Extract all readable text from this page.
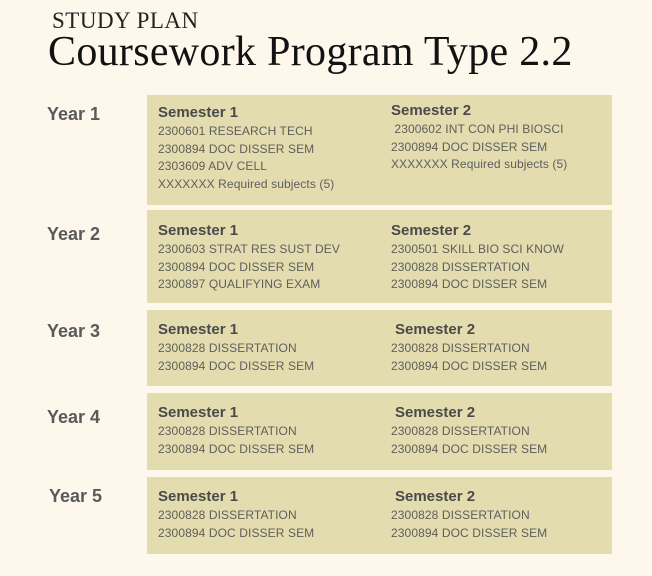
STUDY PLAN
Coursework Program Type 2.2
Year 1	Semester 1
2300601 RESEARCH TECH
2300894 DOC DISSER SEM
2303609 ADV CELL
XXXXXXX Required subjects (5)
Semester 2
2300602 INT CON PHI BIOSCI
2300894 DOC DISSER SEM
XXXXXXX Required subjects (5)
Year 2	Semester 1
2300603 STRAT RES SUST DEV
2300894 DOC DISSER SEM
2300897 QUALIFYING EXAM
Semester 2
2300501 SKILL BIO SCI KNOW
2300828 DISSERTATION
2300894 DOC DISSER SEM
Year 3	Semester 1
2300828 DISSERTATION
2300894 DOC DISSER SEM
Semester 2
2300828 DISSERTATION
2300894 DOC DISSER SEM
Year 4	Semester 1
2300828 DISSERTATION
2300894 DOC DISSER SEM
Semester 2
2300828 DISSERTATION
2300894 DOC DISSER SEM
Year 5	Semester 1
2300828 DISSERTATION
2300894 DOC DISSER SEM
Semester 2
2300828 DISSERTATION
2300894 DOC DISSER SEM
